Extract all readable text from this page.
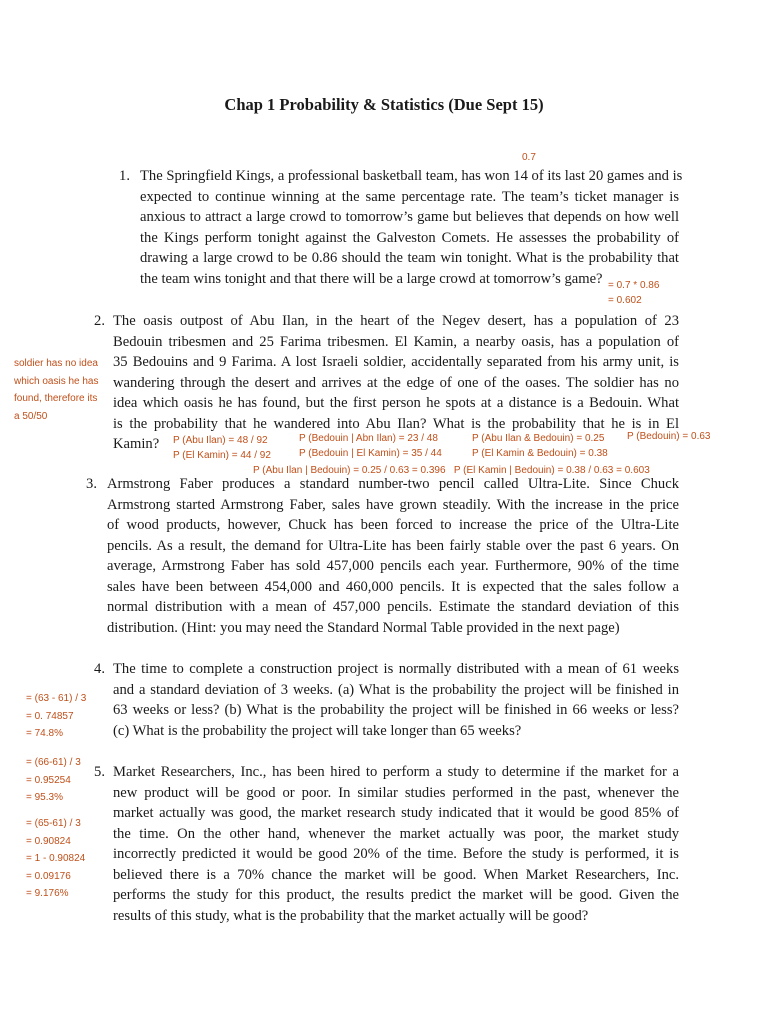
Chap 1 Probability & Statistics (Due Sept 15)
1. The Springfield Kings, a professional basketball team, has won 14 of its last 20 games and is
expected to continue winning at the same percentage rate. The team’s ticket manager is
anxious to attract a large crowd to tomorrow’s game but believes that depends on how well
the Kings perform tonight against the Galveston Comets. He assesses the probability of
drawing a large crowd to be 0.86 should the team win tonight. What is the probability that
the team wins tonight and that there will be a large crowd at tomorrow’s game?
2. The oasis outpost of Abu Ilan, in the heart of the Negev desert, has a population of 23
Bedouin tribesmen and 25 Farima tribesmen. El Kamin, a nearby oasis, has a population of
35 Bedouins and 9 Farima. A lost Israeli soldier, accidentally separated from his army unit, is
wandering through the desert and arrives at the edge of one of the oases. The soldier has no
idea which oasis he has found, but the first person he spots at a distance is a Bedouin. What
is the probability that he wandered into Abu Ilan? What is the probability that he is in El
Kamin?
3. Armstrong Faber produces a standard number-two pencil called Ultra-Lite. Since Chuck
Armstrong started Armstrong Faber, sales have grown steadily. With the increase in the price
of wood products, however, Chuck has been forced to increase the price of the Ultra-Lite
pencils. As a result, the demand for Ultra-Lite has been fairly stable over the past 6 years. On
average, Armstrong Faber has sold 457,000 pencils each year. Furthermore, 90% of the time
sales have been between 454,000 and 460,000 pencils. It is expected that the sales follow a
normal distribution with a mean of 457,000 pencils. Estimate the standard deviation of this
distribution. (Hint: you may need the Standard Normal Table provided in the next page)
4. The time to complete a construction project is normally distributed with a mean of 61 weeks
and a standard deviation of 3 weeks. (a) What is the probability the project will be finished in
63 weeks or less? (b) What is the probability the project will be finished in 66 weeks or less?
(c) What is the probability the project will take longer than 65 weeks?
5. Market Researchers, Inc., has been hired to perform a study to determine if the market for a
new product will be good or poor. In similar studies performed in the past, whenever the
market actually was good, the market research study indicated that it would be good 85% of
the time. On the other hand, whenever the market actually was poor, the market study
incorrectly predicted it would be good 20% of the time. Before the study is performed, it is
believed there is a 70% chance the market will be good. When Market Researchers, Inc.
performs the study for this product, the results predict the market will be good. Given the
results of this study, what is the probability that the market actually will be good?
0.7
= 0.7 * 0.86
= 0.602
soldier has no idea
which oasis he has
found, therefore its
a 50/50
P (Abu Ilan) = 48 / 92	P (Bedouin | Abn Ilan) = 23 / 48	P (Abu Ilan & Bedouin) = 0.25 P (Bedouin) = 0.63
P (El Kamin) = 44 / 92	P (Bedouin | El Kamin) = 35 / 44	P (El Kamin & Bedouin) = 0.38
P (Abu Ilan | Bedouin) = 0.25 / 0.63 = 0.396   P (El Kamin | Bedouin) = 0.38 / 0.63 = 0.603
= (63 - 61) / 3
= 0. 74857
= 74.8%
= (66-61) / 3
= 0.95254
= 95.3%
= (65-61) / 3
= 0.90824
= 1 - 0.90824
= 0.09176
= 9.176%
